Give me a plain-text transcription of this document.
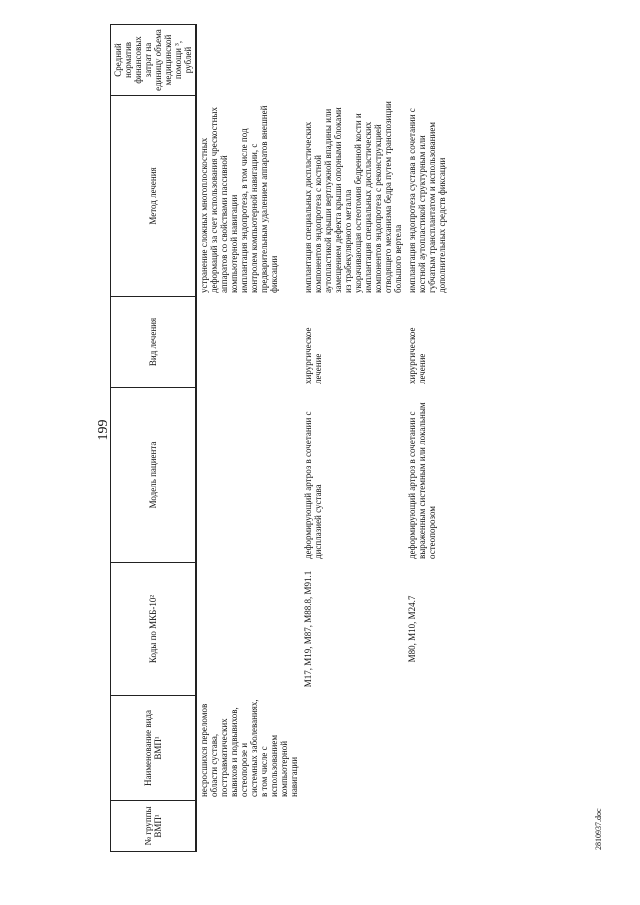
199
№ группы ВМП¹	Наименование вида ВМП¹	Коды по МКБ-10²	Модель пациента	Вид лечения	Метод лечения	Средний норматив финансовых затрат на единицу объема медицинской помощи ³, рублей
	несросшихся переломов области сустава, посттравматических вывихов и подвывихов, остеопорозе и системных заболеваниях, в том числе с использованием компьютерной навигации				устранение сложных многоплоскостных деформаций за счет использования чрескостных аппаратов со свойствами пассивной компьютерной навигации имплантация эндопротеза, в том числе под контролем компьютерной навигации, с предварительным удалением аппаратов внешней фиксации	

		M17, M19, M87, M88.8, M91.1	деформирующий артроз в сочетании с дисплазией сустава	хирургическое лечение	имплантация специальных диспластических компонентов эндопротеза с костной аутопластикой крыши вертлужной впадины или замещением дефекта крыши опорными блоками из трабекулярного металла укорачивающая остеотомия бедренной кости и имплантация специальных диспластических компонентов эндопротеза с реконструкцией отводящего механизма бедра путем транспозиции большого вертела	

		M80, M10, M24.7	деформирующий артроз в сочетании с выраженным системным или локальным остеопорозом	хирургическое лечение	имплантация эндопротеза сустава в сочетании с костной аутопластикой структурным или губчатым трансплантатом и использованием дополнительных средств фиксации	

2810937.doc
